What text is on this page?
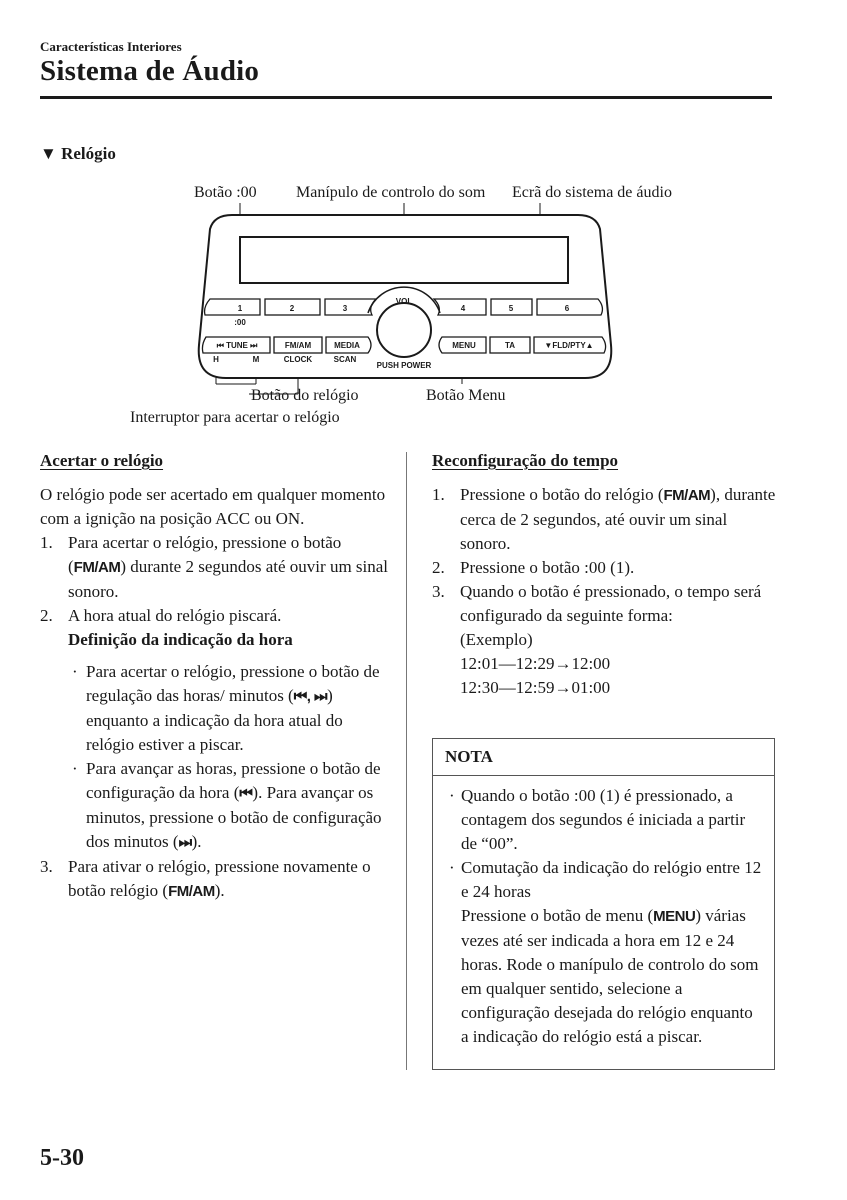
Características Interiores
Sistema de Áudio
▼ Relógio
Botão :00 Manípulo de controlo do som Ecrã do sistema de áudio
Botão do relógio	Botão Menu
Interruptor para acertar o relógio
1	2	3	4	5	6
:00
VOL
PUSH POWER
⏮ TUNE ⏭	FM/AM	MEDIA	MENU	TA	▼FLD/PTY▲
H	M	CLOCK	SCAN
Acertar o relógio

O relógio pode ser acertado em qualquer momento com a ignição na posição ACC ou ON.

1. Para acertar o relógio, pressione o botão (FM/AM) durante 2 segundos até ouvir um sinal sonoro.
2. A hora atual do relógio piscará.
Definição da indicação da hora
· Para acertar o relógio, pressione o botão de regulação das horas/ minutos (⏮, ⏭) enquanto a indicação da hora atual do relógio estiver a piscar.
· Para avançar as horas, pressione o botão de configuração da hora (⏮). Para avançar os minutos, pressione o botão de configuração dos minutos (⏭).
3. Para ativar o relógio, pressione novamente o botão relógio (FM/AM).
Reconfiguração do tempo
1. Pressione o botão do relógio (FM/AM), durante cerca de 2 segundos, até ouvir um sinal sonoro.
2. Pressione o botão :00 (1).
3. Quando o botão é pressionado, o tempo será configurado da seguinte forma:
(Exemplo)
12:01—12:29→12:00
12:30—12:59→01:00
NOTA
· Quando o botão :00 (1) é pressionado, a contagem dos segundos é iniciada a partir de “00”.
· Comutação da indicação do relógio entre 12 e 24 horas
Pressione o botão de menu (MENU) várias vezes até ser indicada a hora em 12 e 24 horas. Rode o manípulo de controlo do som em qualquer sentido, selecione a configuração desejada do relógio enquanto a indicação do relógio está a piscar.
5-30
